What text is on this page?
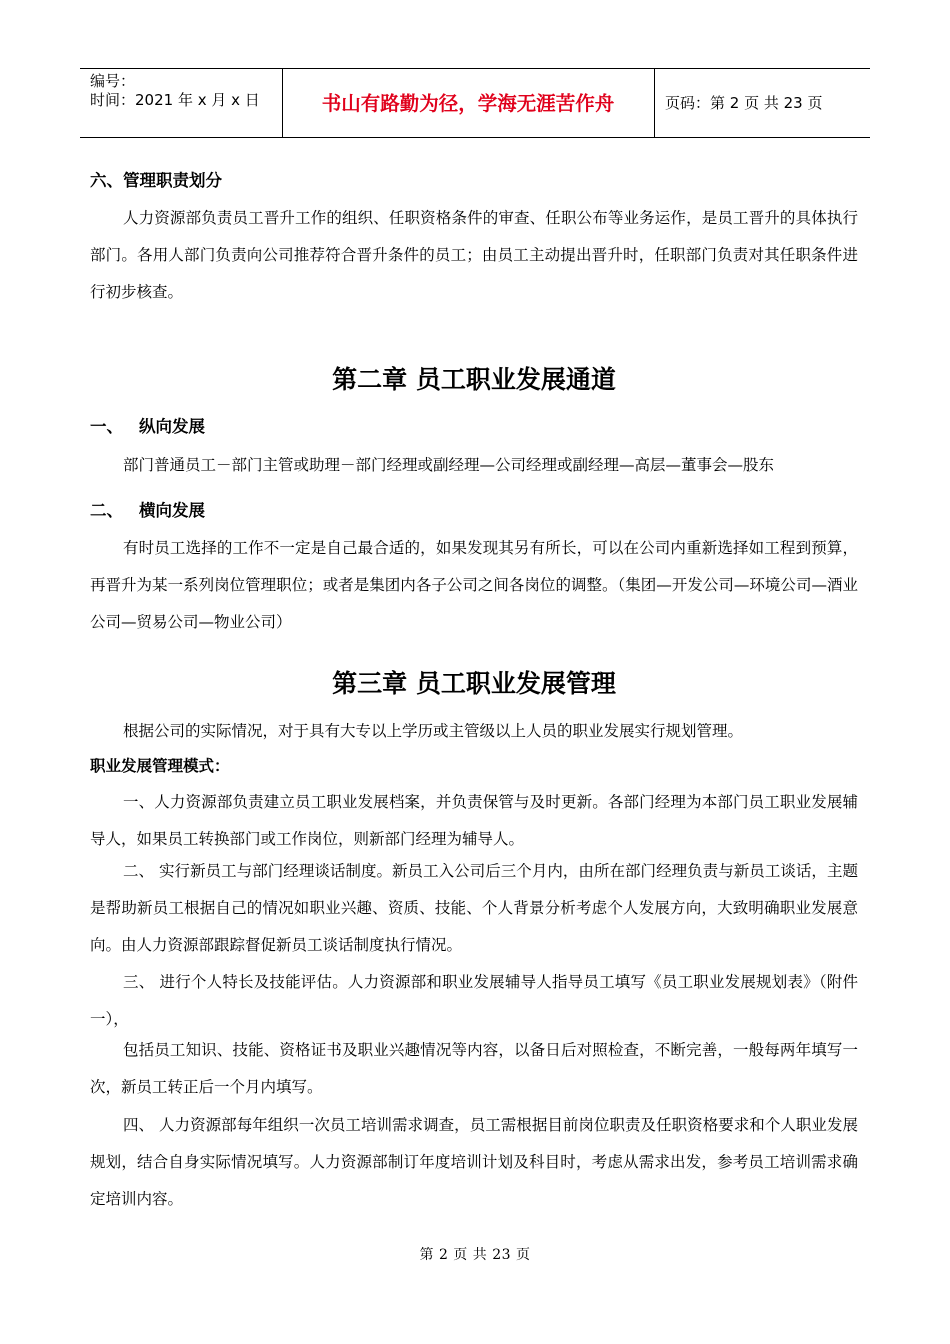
编号：
时间：2021 年 x 月 x 日	书山有路勤为径，学海无涯苦作舟	页码：第 2 页 共 23 页
六、管理职责划分

人力资源部负责员工晋升工作的组织、任职资格条件的审查、任职公布等业务运作，是员工晋升的具体执行部门。各用人部门负责向公司推荐符合晋升条件的员工；由员工主动提出晋升时，任职部门负责对其任职条件进行初步核查。

第二章 员工职业发展通道
一、 纵向发展

部门普通员工－部门主管或助理－部门经理或副经理—公司经理或副经理—高层—董事会—股东

二、 横向发展

有时员工选择的工作不一定是自己最合适的，如果发现其另有所长，可以在公司内重新选择如工程到预算，再晋升为某一系列岗位管理职位；或者是集团内各子公司之间各岗位的调整。（集团—开发公司—环境公司—酒业公司—贸易公司—物业公司）

第三章 员工职业发展管理

根据公司的实际情况，对于具有大专以上学历或主管级以上人员的职业发展实行规划管理。

职业发展管理模式：

一、人力资源部负责建立员工职业发展档案，并负责保管与及时更新。各部门经理为本部门员工职业发展辅导人，如果员工转换部门或工作岗位，则新部门经理为辅导人。

二、 实行新员工与部门经理谈话制度。新员工入公司后三个月内，由所在部门经理负责与新员工谈话，主题是帮助新员工根据自己的情况如职业兴趣、资质、技能、个人背景分析考虑个人发展方向，大致明确职业发展意向。由人力资源部跟踪督促新员工谈话制度执行情况。

三、 进行个人特长及技能评估。人力资源部和职业发展辅导人指导员工填写《员工职业发展规划表》（附件一），

包括员工知识、技能、资格证书及职业兴趣情况等内容，以备日后对照检查，不断完善，一般每两年填写一次，新员工转正后一个月内填写。

四、 人力资源部每年组织一次员工培训需求调查，员工需根据目前岗位职责及任职资格要求和个人职业发展规划，结合自身实际情况填写。人力资源部制订年度培训计划及科目时，考虑从需求出发，参考员工培训需求确定培训内容。

第 2 页 共 23 页
